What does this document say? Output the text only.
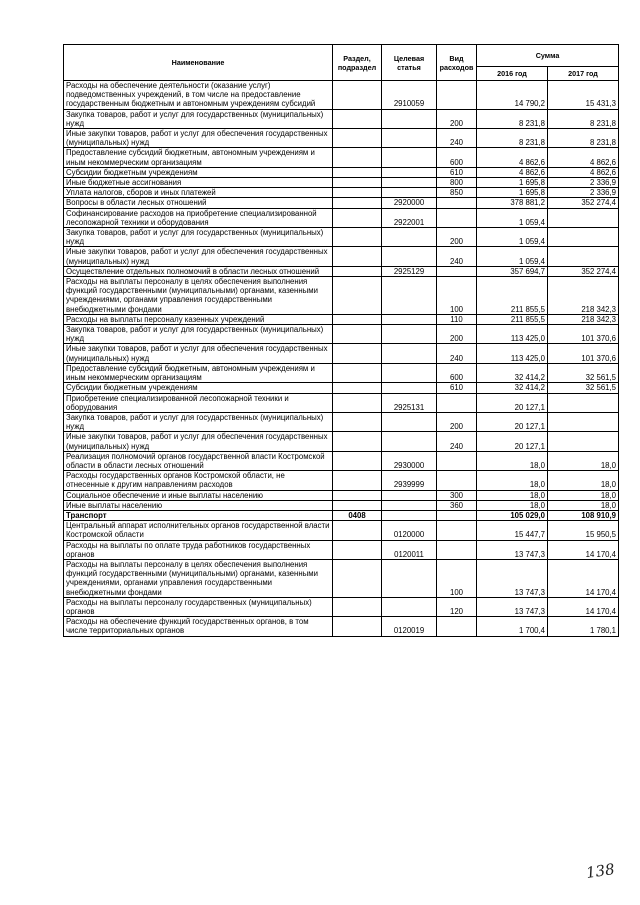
Наименование	Раздел, подраздел	Целевая статья	Вид расходов	Сумма	
				2016 год	2017 год
Расходы на обеспечение деятельности (оказание услуг) подведомственных учреждений, в том числе на предоставление государственным бюджетным и автономным учреждениям субсидий		2910059		14 790,2	15 431,3
Закупка товаров, работ и услуг для государственных (муниципальных) нужд			200	8 231,8	8 231,8
Иные закупки товаров, работ и услуг для обеспечения государственных (муниципальных) нужд			240	8 231,8	8 231,8
Предоставление субсидий бюджетным, автономным учреждениям и иным некоммерческим организациям			600	4 862,6	4 862,6
Субсидии бюджетным учреждениям			610	4 862,6	4 862,6
Иные бюджетные ассигнования			800	1 695,8	2 336,9
Уплата налогов, сборов и иных платежей			850	1 695,8	2 336,9
Вопросы в области лесных отношений		2920000		378 881,2	352 274,4
Софинансирование расходов на приобретение специализированной лесопожарной техники и оборудования		2922001		1 059,4	
Закупка товаров, работ и услуг для государственных (муниципальных) нужд			200	1 059,4	
Иные закупки товаров, работ и услуг для обеспечения государственных (муниципальных) нужд			240	1 059,4	
Осуществление отдельных полномочий в области лесных отношений		2925129		357 694,7	352 274,4
Расходы на выплаты персоналу в целях обеспечения выполнения функций государственными (муниципальными) органами, казенными учреждениями, органами управления государственными внебюджетными фондами			100	211 855,5	218 342,3
Расходы на выплаты персоналу казенных учреждений			110	211 855,5	218 342,3
Закупка товаров, работ и услуг для государственных (муниципальных) нужд			200	113 425,0	101 370,6
Иные закупки товаров, работ и услуг для обеспечения государственных (муниципальных) нужд			240	113 425,0	101 370,6
Предоставление субсидий бюджетным, автономным учреждениям и иным некоммерческим организациям			600	32 414,2	32 561,5
Субсидии бюджетным учреждениям			610	32 414,2	32 561,5
Приобретение специализированной лесопожарной техники и оборудования		2925131		20 127,1	
Закупка товаров, работ и услуг для государственных (муниципальных) нужд			200	20 127,1	
Иные закупки товаров, работ и услуг для обеспечения государственных (муниципальных) нужд			240	20 127,1	
Реализация полномочий органов государственной власти Костромской области в области лесных отношений		2930000		18,0	18,0
Расходы государственных органов Костромской области, не отнесенные к другим направлениям расходов		2939999		18,0	18,0
Социальное обеспечение и иные выплаты населению			300	18,0	18,0
Иные выплаты населению			360	18,0	18,0
Транспорт	0408			105 029,0	108 910,9
Центральный аппарат исполнительных органов государственной власти Костромской области		0120000		15 447,7	15 950,5
Расходы на выплаты по оплате труда работников государственных органов		0120011		13 747,3	14 170,4
Расходы на выплаты персоналу в целях обеспечения выполнения функций государственными (муниципальными) органами, казенными учреждениями, органами управления государственными внебюджетными фондами			100	13 747,3	14 170,4
Расходы на выплаты персоналу государственных (муниципальных) органов			120	13 747,3	14 170,4
Расходы на обеспечение функций государственных органов, в том числе территориальных органов		0120019		1 700,4	1 780,1
138
